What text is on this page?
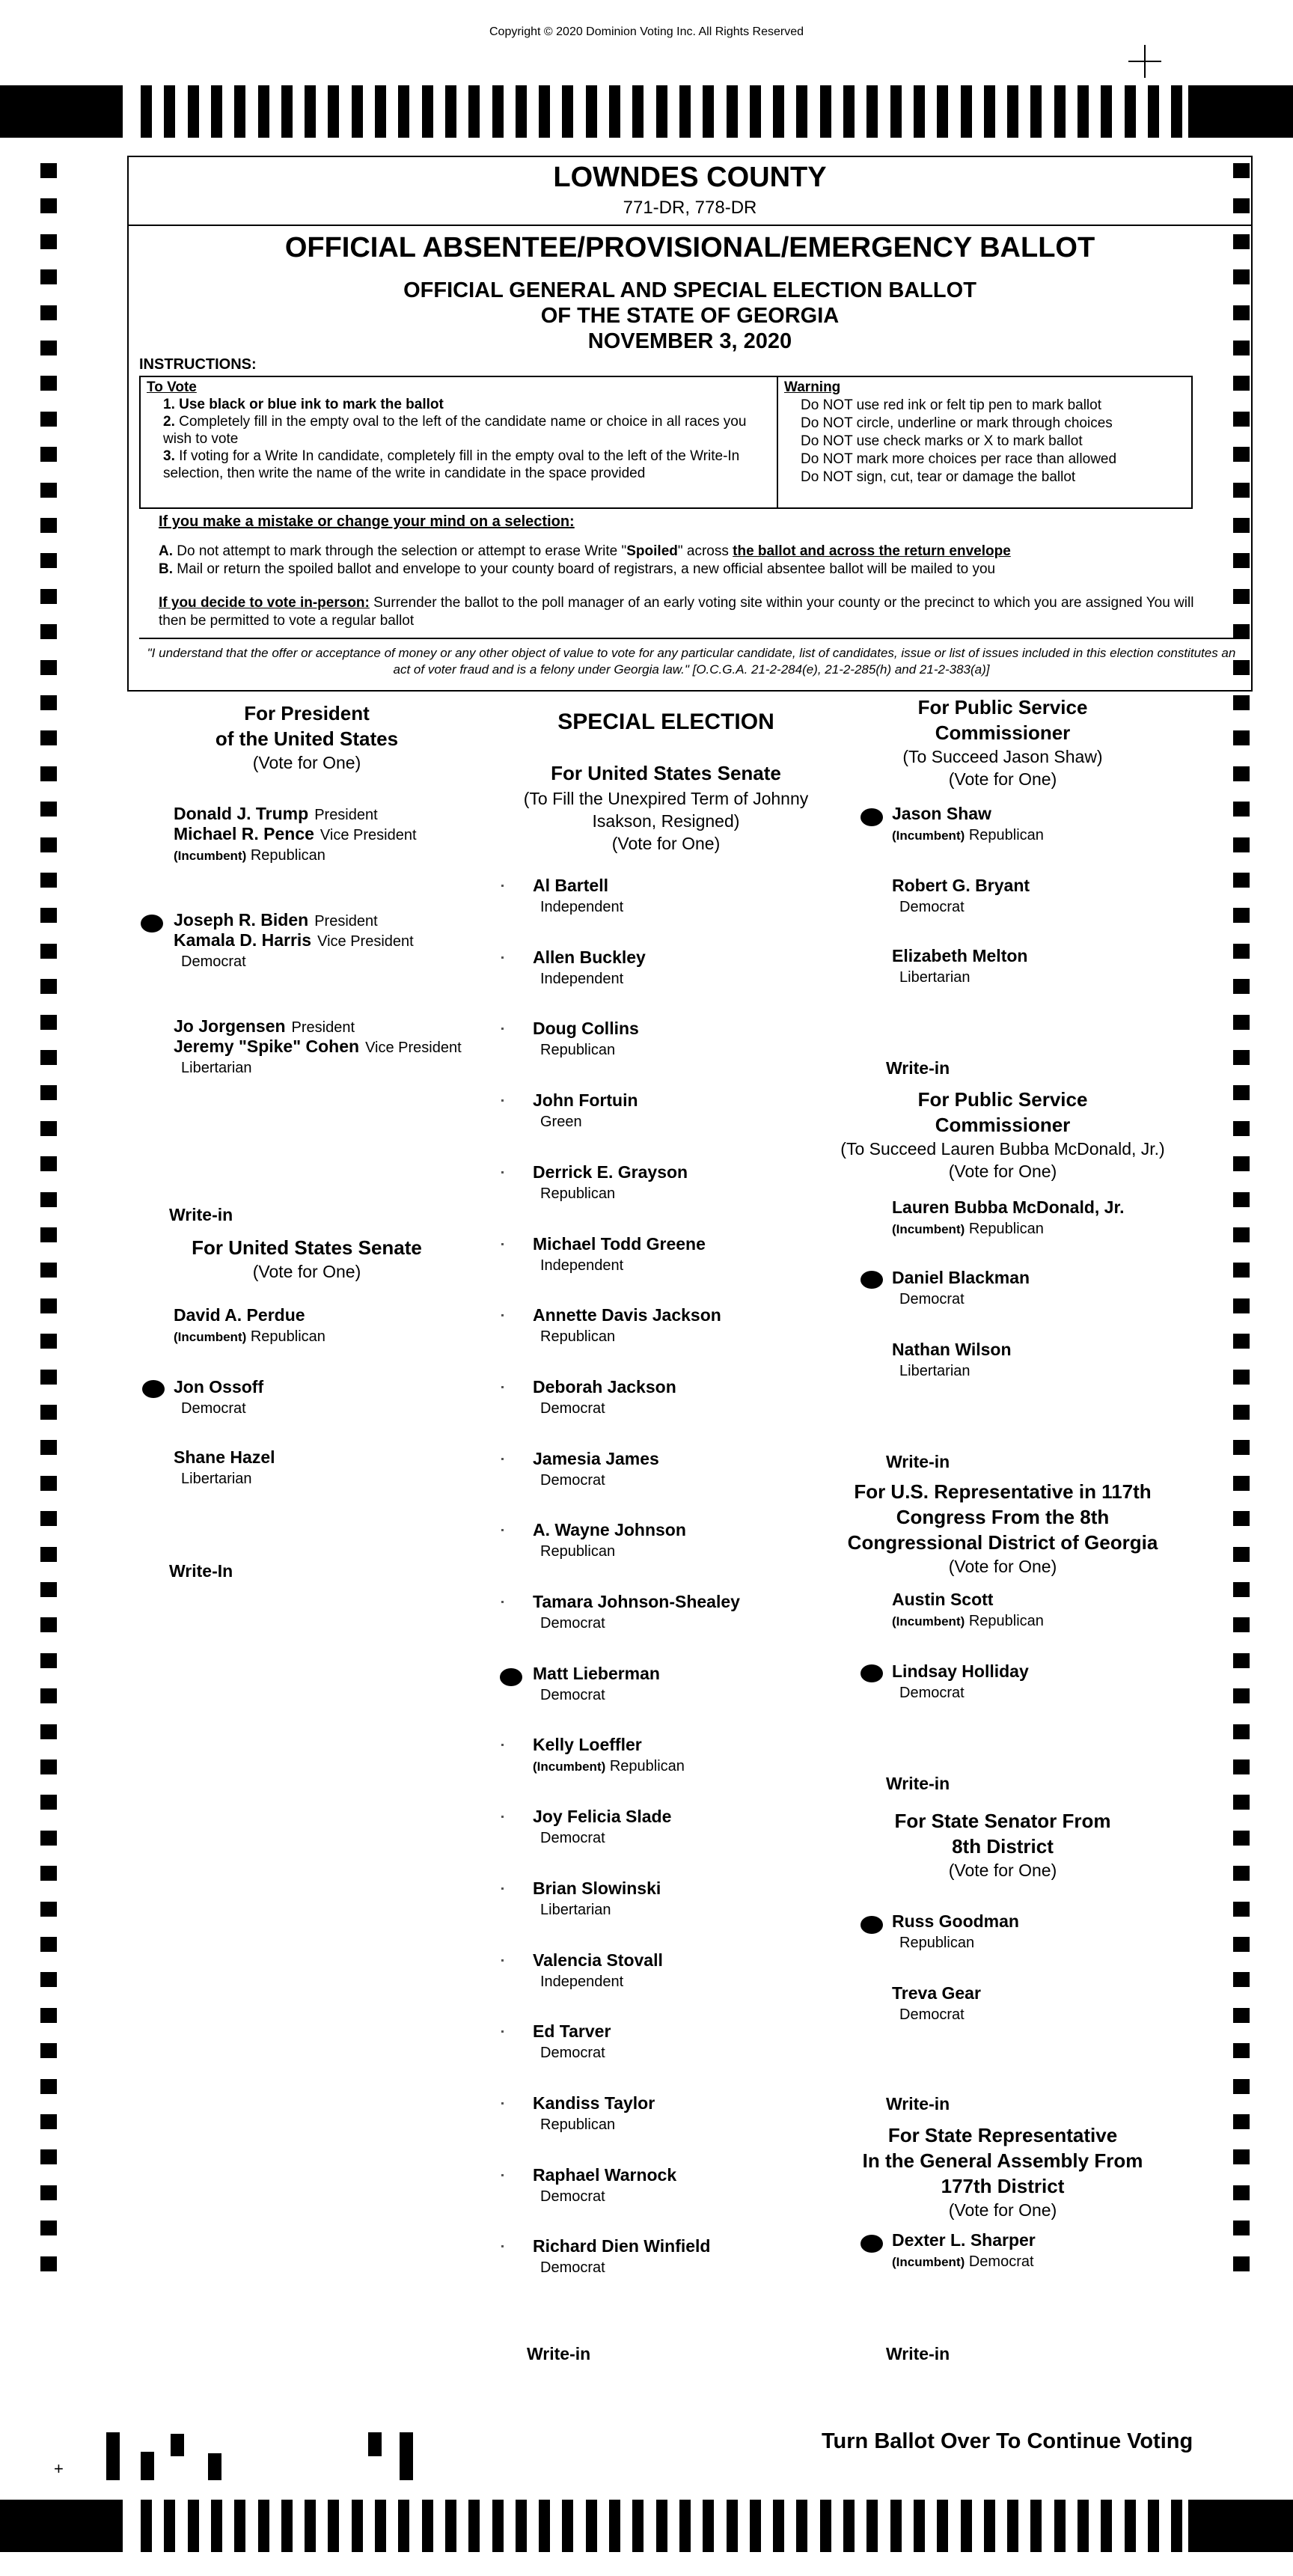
Copyright © 2020 Dominion Voting Inc. All Rights Reserved
LOWNDES COUNTY
771-DR, 778-DR
OFFICIAL ABSENTEE/PROVISIONAL/EMERGENCY BALLOT
OFFICIAL GENERAL AND SPECIAL ELECTION BALLOT
OF THE STATE OF GEORGIA
NOVEMBER 3, 2020
INSTRUCTIONS:
To Vote
1. Use black or blue ink to mark the ballot
2. Completely fill in the empty oval to the left of the candidate name or choice in all races you wish to vote
3. If voting for a Write In candidate, completely fill in the empty oval to the left of the Write-In selection, then write the name of the write in candidate in the space provided
Warning
Do NOT use red ink or felt tip pen to mark ballot
Do NOT circle, underline or mark through choices
Do NOT use check marks or X to mark ballot
Do NOT mark more choices per race than allowed
Do NOT sign, cut, tear or damage the ballot
If you make a mistake or change your mind on a selection:
A. Do not attempt to mark through the selection or attempt to erase Write "Spoiled" across the ballot and across the return envelope
B. Mail or return the spoiled ballot and envelope to your county board of registrars, a new official absentee ballot will be mailed to you
If you decide to vote in-person: Surrender the ballot to the poll manager of an early voting site within your county or the precinct to which you are assigned You will then be permitted to vote a regular ballot
"I understand that the offer or acceptance of money or any other object of value to vote for any particular candidate, list of candidates, issue or list of issues included in this election constitutes an act of voter fraud and is a felony under Georgia law." [O.C.G.A. 21-2-284(e), 21-2-285(h) and 21-2-383(a)]
For President
of the United States
(Vote for One)
Donald J. Trump President
Michael R. Pence Vice President
(Incumbent) Republican
Joseph R. Biden President
Kamala D. Harris Vice President
Democrat
Jo Jorgensen President
Jeremy "Spike" Cohen Vice President
Libertarian
Write-in
For United States Senate
(Vote for One)
David A. Perdue
(Incumbent) Republican
Jon Ossoff
Democrat
Shane Hazel
Libertarian
Write-In
SPECIAL ELECTION
For United States Senate
(To Fill the Unexpired Term of Johnny
Isakson, Resigned)
(Vote for One)
Al Bartell
Independent
Allen Buckley
Independent
Doug Collins
Republican
John Fortuin
Green
Derrick E. Grayson
Republican
Michael Todd Greene
Independent
Annette Davis Jackson
Republican
Deborah Jackson
Democrat
Jamesia James
Democrat
A. Wayne Johnson
Republican
Tamara Johnson-Shealey
Democrat
Matt Lieberman
Democrat
Kelly Loeffler
(Incumbent) Republican
Joy Felicia Slade
Democrat
Brian Slowinski
Libertarian
Valencia Stovall
Independent
Ed Tarver
Democrat
Kandiss Taylor
Republican
Raphael Warnock
Democrat
Richard Dien Winfield
Democrat
Write-in
For Public Service
Commissioner
(To Succeed Jason Shaw)
(Vote for One)
Jason Shaw
(Incumbent) Republican
Robert G. Bryant
Democrat
Elizabeth Melton
Libertarian
Write-in
For Public Service
Commissioner
(To Succeed Lauren Bubba McDonald, Jr.)
(Vote for One)
Lauren Bubba McDonald, Jr.
(Incumbent) Republican
Daniel Blackman
Democrat
Nathan Wilson
Libertarian
Write-in
For U.S. Representative in 117th
Congress From the 8th
Congressional District of Georgia
(Vote for One)
Austin Scott
(Incumbent) Republican
Lindsay Holliday
Democrat
Write-in
For State Senator From
8th District
(Vote for One)
Russ Goodman
Republican
Treva Gear
Democrat
Write-in
For State Representative
In the General Assembly From
177th District
(Vote for One)
Dexter L. Sharper
(Incumbent) Democrat
Write-in
+
Turn Ballot Over To Continue Voting
